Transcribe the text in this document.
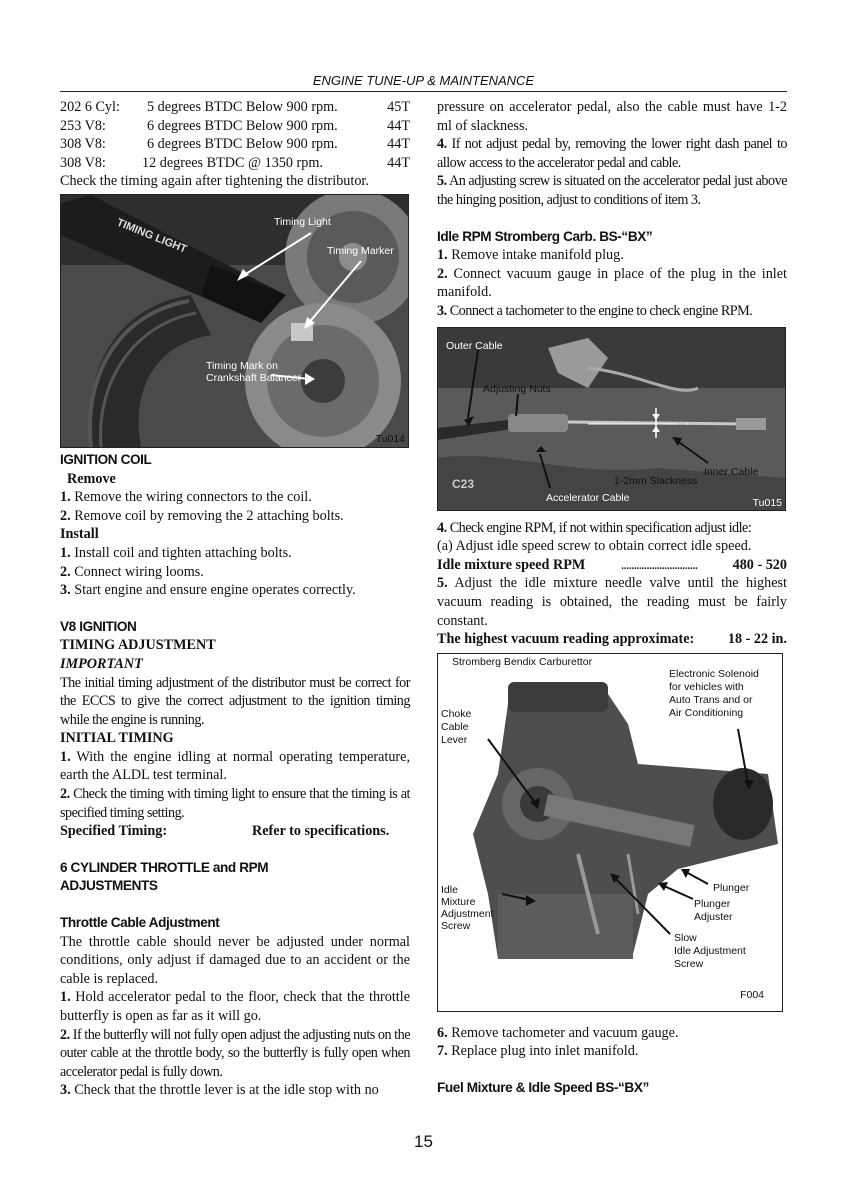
ENGINE TUNE-UP & MAINTENANCE
202 6 Cyl: 5 degrees BTDC Below 900 rpm.	45T
253 V8:	6 degrees BTDC Below 900 rpm.	44T
308 V8:	6 degrees BTDC Below 900 rpm.	44T
308 V8:	12 degrees BTDC @ 1350 rpm.	44T

Check the timing again after tightening the distributor.

TIMING LIGHT	Timing Light
Timing Marker
Timing Mark on
Crankshaft Balancer
Tu014

IGNITION COIL

Remove

1. Remove the wiring connectors to the coil.

2. Remove coil by removing the 2 attaching bolts.

Install

1. Install coil and tighten attaching bolts.

2. Connect wiring looms.

3. Start engine and ensure engine operates correctly.

V8 IGNITION

TIMING ADJUSTMENT

IMPORTANT

The initial timing adjustment of the distributor must be correct for the ECCS to give the correct adjustment to the ignition timing while the engine is running.

INITIAL TIMING

1. With the engine idling at normal operating temperature, earth the ALDL test terminal.

2. Check the timing with timing light to ensure that the timing is at specified timing setting.

Specified Timing:	Refer to specifications.

6 CYLINDER THROTTLE and RPM

ADJUSTMENTS

Throttle Cable Adjustment

The throttle cable should never be adjusted under normal conditions, only adjust if damaged due to an accident or the cable is replaced.

1. Hold accelerator pedal to the floor, check that the throttle butterfly is open as far as it will go.

2. If the butterfly will not fully open adjust the adjusting nuts on the outer cable at the throttle body, so the butterfly is fully open when accelerator pedal is fully down.

3. Check that the throttle lever is at the idle stop with no

pressure on accelerator pedal, also the cable must have 1-2 ml of slackness.

4. If not adjust pedal by, removing the lower right dash panel to allow access to the accelerator pedal and cable.

5. An adjusting screw is situated on the accelerator pedal just above the hinging position, adjust to conditions of item 3.

Idle RPM Stromberg Carb. BS-“BX”

1. Remove intake manifold plug.

2. Connect vacuum gauge in place of the plug in the inlet manifold.

3. Connect a tachometer to the engine to check engine RPM.

C23
Outer Cable
Adjusting Nuts
1-2mm Slackness
Inner Cable
Accelerator Cable	Tu015

4. Check engine RPM, if not within specification adjust idle:

(a) Adjust idle speed screw to obtain correct idle speed.

Idle mixture speed RPM .............................. 480 - 520

5. Adjust the idle mixture needle valve until the highest vacuum reading is obtained, the reading must be fairly constant.

The highest vacuum reading approximate: 18 - 22 in.

Stromberg Bendix Carburettor
Electronic Solenoid
for vehicles with
Auto Trans and or
Air Conditioning
Choke
Cable
Lever
Plunger
Plunger
Adjuster
Idle
Mixture
Adjustment
Screw
Slow
Idle Adjustment
Screw
F004

6. Remove tachometer and vacuum gauge.

7. Replace plug into inlet manifold.

Fuel Mixture & Idle Speed BS-“BX”

15
